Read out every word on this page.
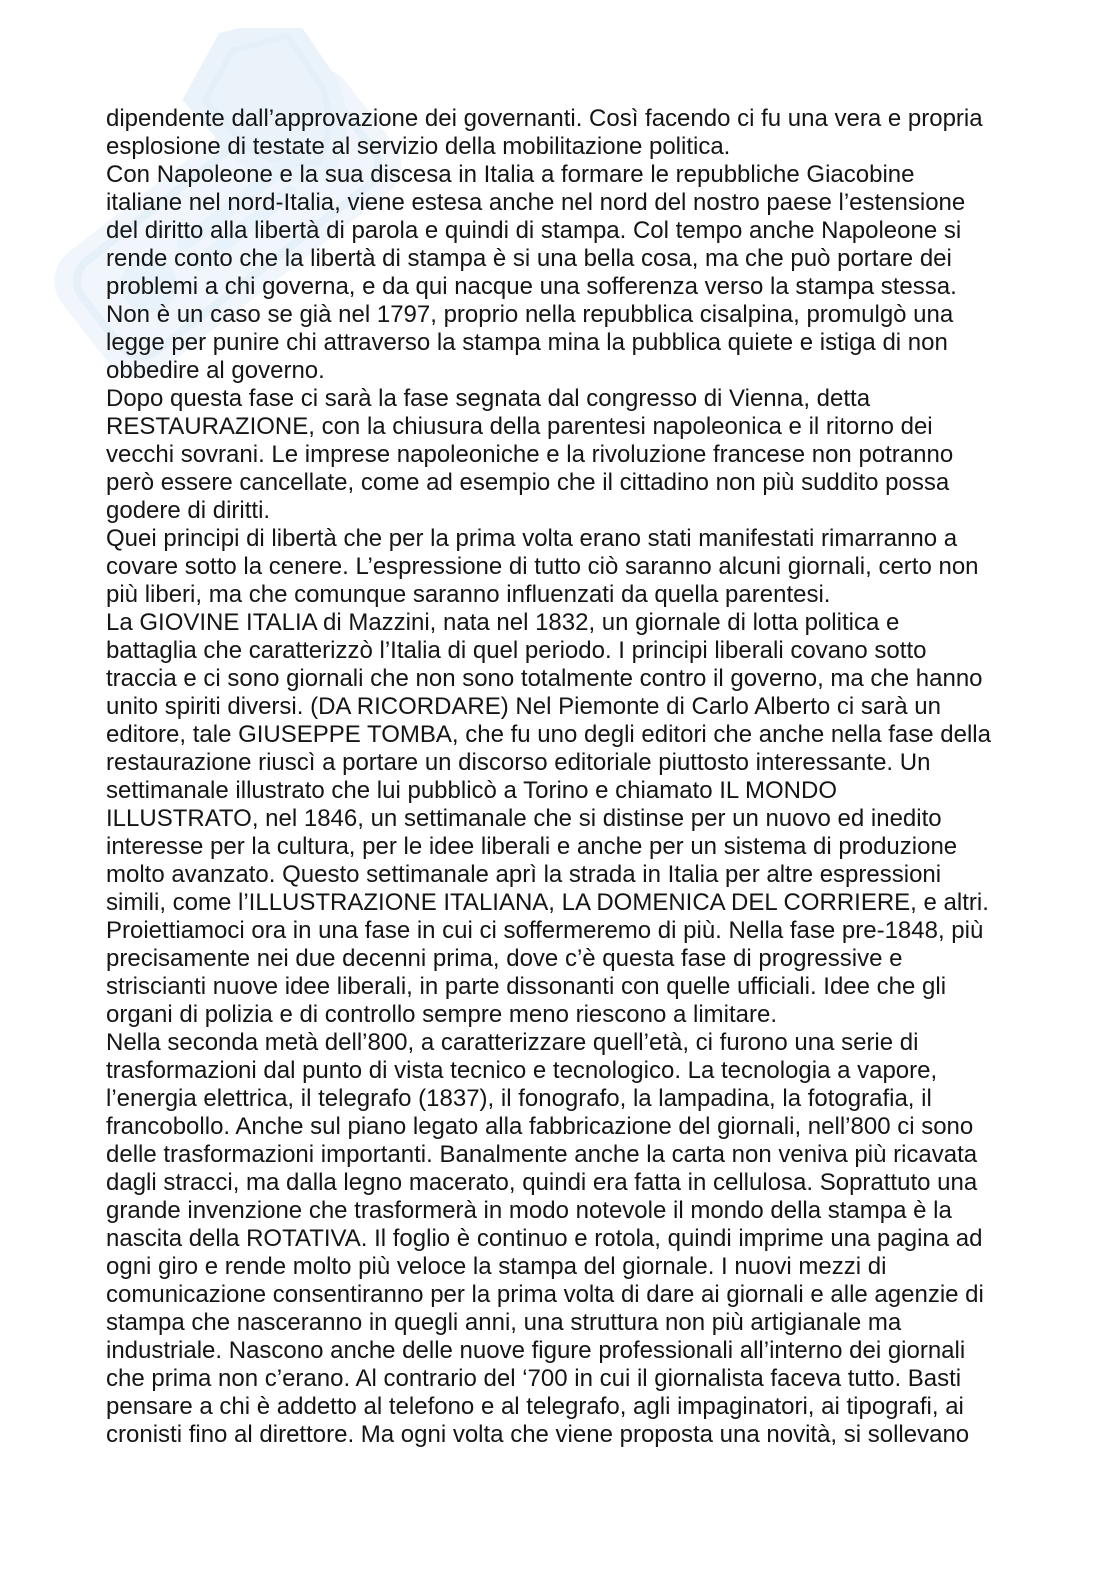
dipendente dall’approvazione dei governanti. Così facendo ci fu una vera e propria
esplosione di testate al servizio della mobilitazione politica.
Con Napoleone e la sua discesa in Italia a formare le repubbliche Giacobine
italiane nel nord-Italia, viene estesa anche nel nord del nostro paese l’estensione
del diritto alla libertà di parola e quindi di stampa. Col tempo anche Napoleone si
rende conto che la libertà di stampa è si una bella cosa, ma che può portare dei
problemi a chi governa, e da qui nacque una sofferenza verso la stampa stessa.
Non è un caso se già nel 1797, proprio nella repubblica cisalpina, promulgò una
legge per punire chi attraverso la stampa mina la pubblica quiete e istiga di non
obbedire al governo.
Dopo questa fase ci sarà la fase segnata dal congresso di Vienna, detta
RESTAURAZIONE, con la chiusura della parentesi napoleonica e il ritorno dei
vecchi sovrani. Le imprese napoleoniche e la rivoluzione francese non potranno
però essere cancellate, come ad esempio che il cittadino non più suddito possa
godere di diritti.
Quei principi di libertà che per la prima volta erano stati manifestati rimarranno a
covare sotto la cenere. L’espressione di tutto ciò saranno alcuni giornali, certo non
più liberi, ma che comunque saranno influenzati da quella parentesi.
La GIOVINE ITALIA di Mazzini, nata nel 1832, un giornale di lotta politica e
battaglia che caratterizzò l’Italia di quel periodo. I principi liberali covano sotto
traccia e ci sono giornali che non sono totalmente contro il governo, ma che hanno
unito spiriti diversi. (DA RICORDARE) Nel Piemonte di Carlo Alberto ci sarà un
editore, tale GIUSEPPE TOMBA, che fu uno degli editori che anche nella fase della
restaurazione riuscì a portare un discorso editoriale piuttosto interessante. Un
settimanale illustrato che lui pubblicò a Torino e chiamato IL MONDO
ILLUSTRATO, nel 1846, un settimanale che si distinse per un nuovo ed inedito
interesse per la cultura, per le idee liberali e anche per un sistema di produzione
molto avanzato. Questo settimanale aprì la strada in Italia per altre espressioni
simili, come l’ILLUSTRAZIONE ITALIANA, LA DOMENICA DEL CORRIERE, e altri.
Proiettiamoci ora in una fase in cui ci soffermeremo di più. Nella fase pre-1848, più
precisamente nei due decenni prima, dove c’è questa fase di progressive e
striscianti nuove idee liberali, in parte dissonanti con quelle ufficiali. Idee che gli
organi di polizia e di controllo sempre meno riescono a limitare.
Nella seconda metà dell’800, a caratterizzare quell’età, ci furono una serie di
trasformazioni dal punto di vista tecnico e tecnologico. La tecnologia a vapore,
l’energia elettrica, il telegrafo (1837), il fonografo, la lampadina, la fotografia, il
francobollo. Anche sul piano legato alla fabbricazione del giornali, nell’800 ci sono
delle trasformazioni importanti. Banalmente anche la carta non veniva più ricavata
dagli stracci, ma dalla legno macerato, quindi era fatta in cellulosa. Soprattuto una
grande invenzione che trasformerà in modo notevole il mondo della stampa è la
nascita della ROTATIVA. Il foglio è continuo e rotola, quindi imprime una pagina ad
ogni giro e rende molto più veloce la stampa del giornale. I nuovi mezzi di
comunicazione consentiranno per la prima volta di dare ai giornali e alle agenzie di
stampa che nasceranno in quegli anni, una struttura non più artigianale ma
industriale. Nascono anche delle nuove figure professionali all’interno dei giornali
che prima non c’erano. Al contrario del ‘700 in cui il giornalista faceva tutto. Basti
pensare a chi è addetto al telefono e al telegrafo, agli impaginatori, ai tipografi, ai
cronisti fino al direttore. Ma ogni volta che viene proposta una novità, si sollevano
